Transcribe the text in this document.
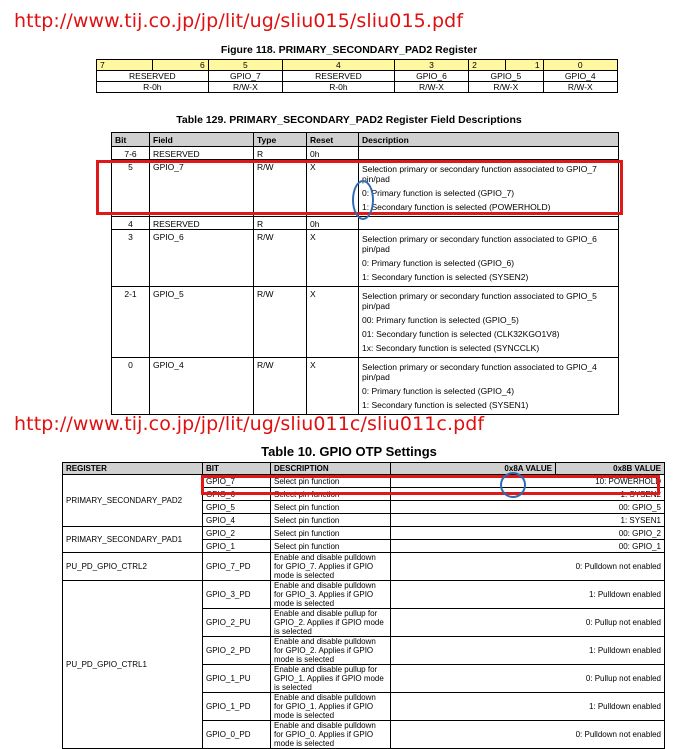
http://www.tij.co.jp/jp/lit/ug/sliu015/sliu015.pdf
Figure 118. PRIMARY_SECONDARY_PAD2 Register
7	6	5	4	3	2	1	0
RESERVED		GPIO_7	RESERVED	GPIO_6	GPIO_5		GPIO_4
R-0h		R/W-X	R-0h	R/W-X	R/W-X		R/W-X
Table 129. PRIMARY_SECONDARY_PAD2 Register Field Descriptions
Bit	Field	Type	Reset	Description
7-6	RESERVED	R	0h	
5	GPIO_7	R/W	X	Selection primary or secondary function associated to GPIO_7 pin/pad
0: Primary function is selected (GPIO_7)
1: Secondary function is selected (POWERHOLD)

4	RESERVED	R	0h	
3	GPIO_6	R/W	X	Selection primary or secondary function associated to GPIO_6 pin/pad
0: Primary function is selected (GPIO_6)
1: Secondary function is selected (SYSEN2)

2-1	GPIO_5	R/W	X	Selection primary or secondary function associated to GPIO_5 pin/pad
00: Primary function is selected (GPIO_5)
01: Secondary function is selected (CLK32KGO1V8)
1x: Secondary function is selected (SYNCCLK)

0	GPIO_4	R/W	X	Selection primary or secondary function associated to GPIO_4 pin/pad
0: Primary function is selected (GPIO_4)
1: Secondary function is selected (SYSEN1)
http://www.tij.co.jp/jp/lit/ug/sliu011c/sliu011c.pdf
Table 10. GPIO OTP Settings
REGISTER	BIT	DESCRIPTION	0x8A VALUE	0x8B VALUE
PRIMARY_SECONDARY_PAD2	GPIO_7	Select pin function	10: POWERHOLD	
	GPIO_6	Select pin function	1: SYSEN2	
	GPIO_5	Select pin function	00: GPIO_5	
	GPIO_4	Select pin function	1: SYSEN1	
PRIMARY_SECONDARY_PAD1	GPIO_2	Select pin function	00: GPIO_2	
	GPIO_1	Select pin function	00: GPIO_1	
PU_PD_GPIO_CTRL2	GPIO_7_PD	Enable and disable pulldown for GPIO_7. Applies if GPIO mode is selected	0: Pulldown not enabled	
PU_PD_GPIO_CTRL1	GPIO_3_PD	Enable and disable pulldown for GPIO_3. Applies if GPIO mode is selected	1: Pulldown enabled	
	GPIO_2_PU	Enable and disable pullup for GPIO_2. Applies if GPIO mode is selected	0: Pullup not enabled	
	GPIO_2_PD	Enable and disable pulldown for GPIO_2. Applies if GPIO mode is selected	1: Pulldown enabled	
	GPIO_1_PU	Enable and disable pullup for GPIO_1. Applies if GPIO mode is selected	0: Pullup not enabled	
	GPIO_1_PD	Enable and disable pulldown for GPIO_1. Applies if GPIO mode is selected	1: Pulldown enabled	
	GPIO_0_PD	Enable and disable pulldown for GPIO_0. Applies if GPIO mode is selected	0: Pulldown not enabled	
